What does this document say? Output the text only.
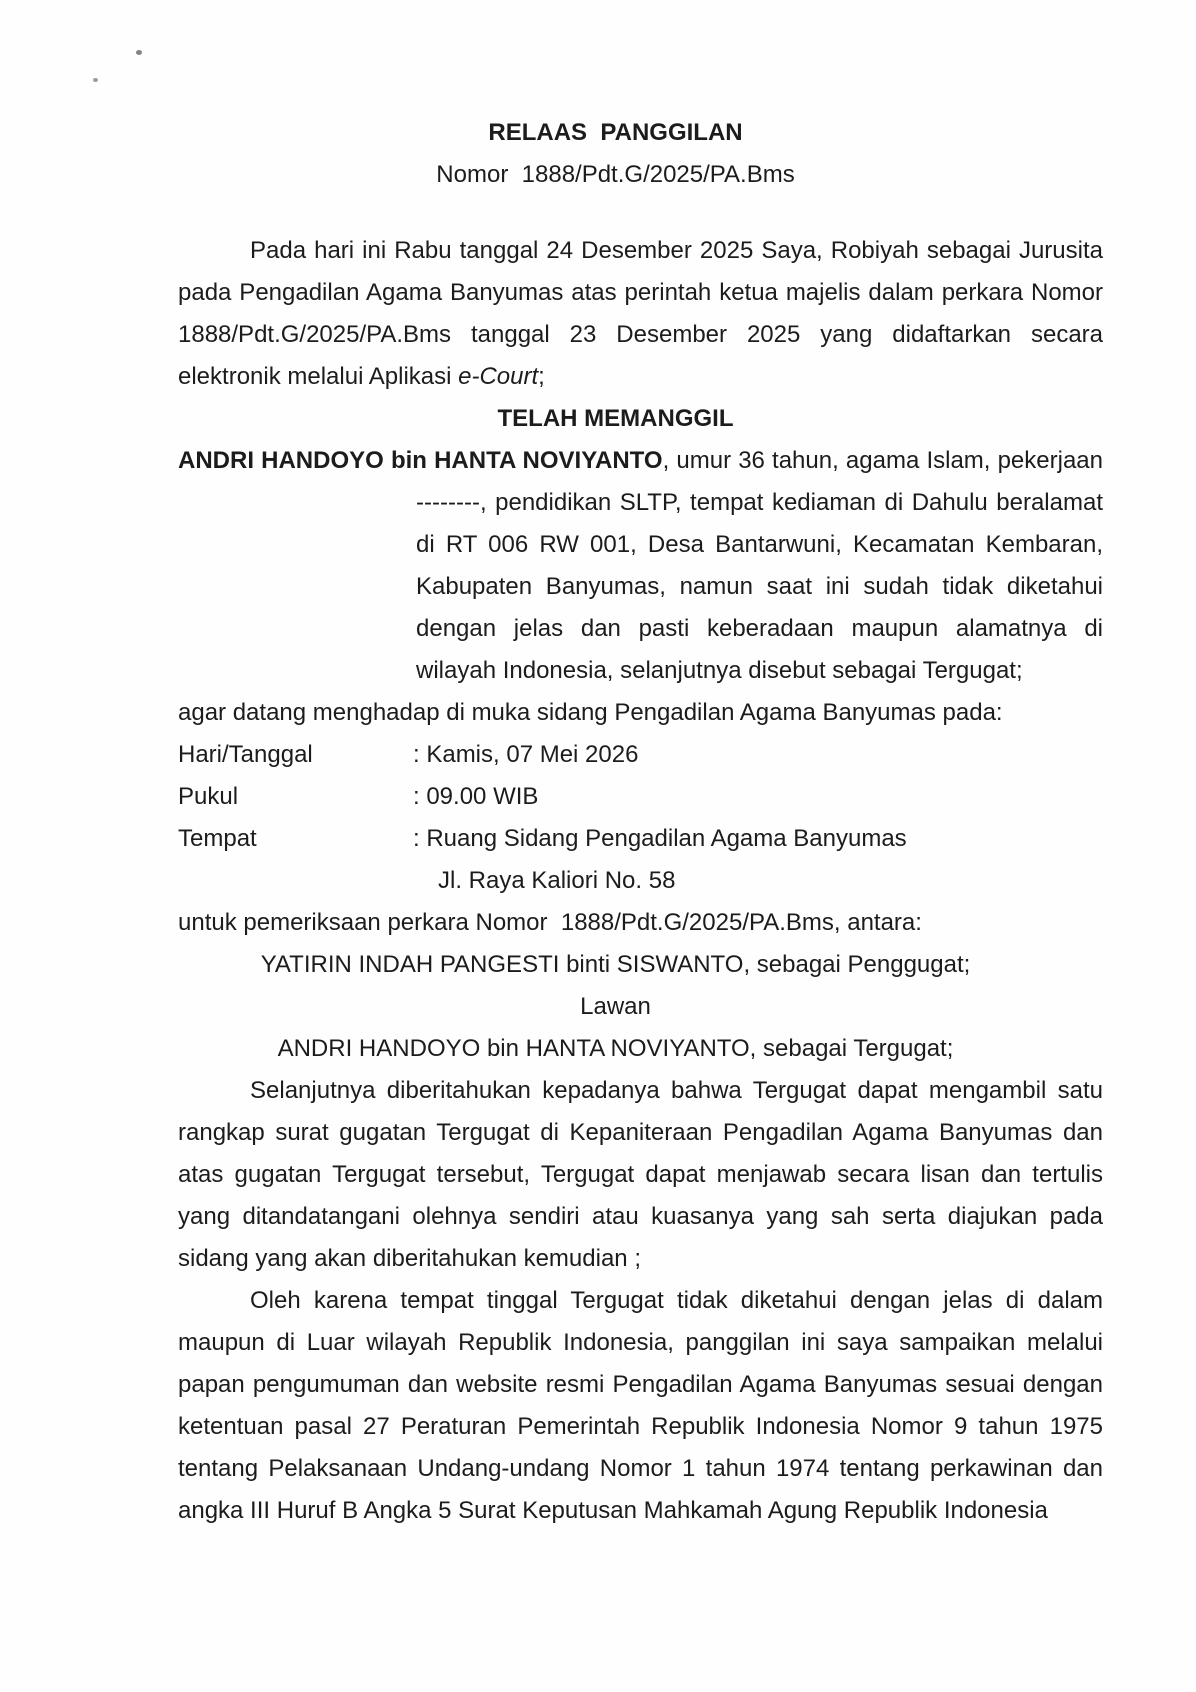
RELAAS  PANGGILAN

Nomor  1888/Pdt.G/2025/PA.Bms

Pada hari ini Rabu tanggal 24 Desember 2025 Saya, Robiyah sebagai Jurusita pada Pengadilan Agama Banyumas atas perintah ketua majelis dalam perkara Nomor 1888/Pdt.G/2025/PA.Bms tanggal 23 Desember 2025 yang didaftarkan secara elektronik melalui Aplikasi e-Court;

TELAH MEMANGGIL

ANDRI HANDOYO bin HANTA NOVIYANTO, umur 36 tahun, agama Islam, pekerjaan --------, pendidikan SLTP, tempat kediaman di Dahulu beralamat di RT 006 RW 001, Desa Bantarwuni, Kecamatan Kembaran, Kabupaten Banyumas, namun saat ini sudah tidak diketahui dengan jelas dan pasti keberadaan maupun alamatnya di wilayah Indonesia, selanjutnya disebut sebagai Tergugat;

agar datang menghadap di muka sidang Pengadilan Agama Banyumas pada:

Hari/Tanggal	: Kamis, 07 Mei 2026
Pukul	: 09.00 WIB
Tempat	: Ruang Sidang Pengadilan Agama Banyumas

Jl. Raya Kaliori No. 58

untuk pemeriksaan perkara Nomor  1888/Pdt.G/2025/PA.Bms, antara:

YATIRIN INDAH PANGESTI binti SISWANTO, sebagai Penggugat;

Lawan

ANDRI HANDOYO bin HANTA NOVIYANTO, sebagai Tergugat;

Selanjutnya diberitahukan kepadanya bahwa Tergugat dapat mengambil satu rangkap surat gugatan Tergugat di Kepaniteraan Pengadilan Agama Banyumas dan atas gugatan Tergugat tersebut, Tergugat dapat menjawab secara lisan dan tertulis yang ditandatangani olehnya sendiri atau kuasanya yang sah serta diajukan pada sidang yang akan diberitahukan kemudian ;

Oleh karena tempat tinggal Tergugat tidak diketahui dengan jelas di dalam maupun di Luar wilayah Republik Indonesia, panggilan ini saya sampaikan melalui papan pengumuman dan website resmi Pengadilan Agama Banyumas sesuai dengan ketentuan pasal 27 Peraturan Pemerintah Republik Indonesia Nomor 9 tahun 1975 tentang Pelaksanaan Undang-undang Nomor 1 tahun 1974 tentang perkawinan dan angka III Huruf B Angka 5 Surat Keputusan Mahkamah Agung Republik Indonesia
